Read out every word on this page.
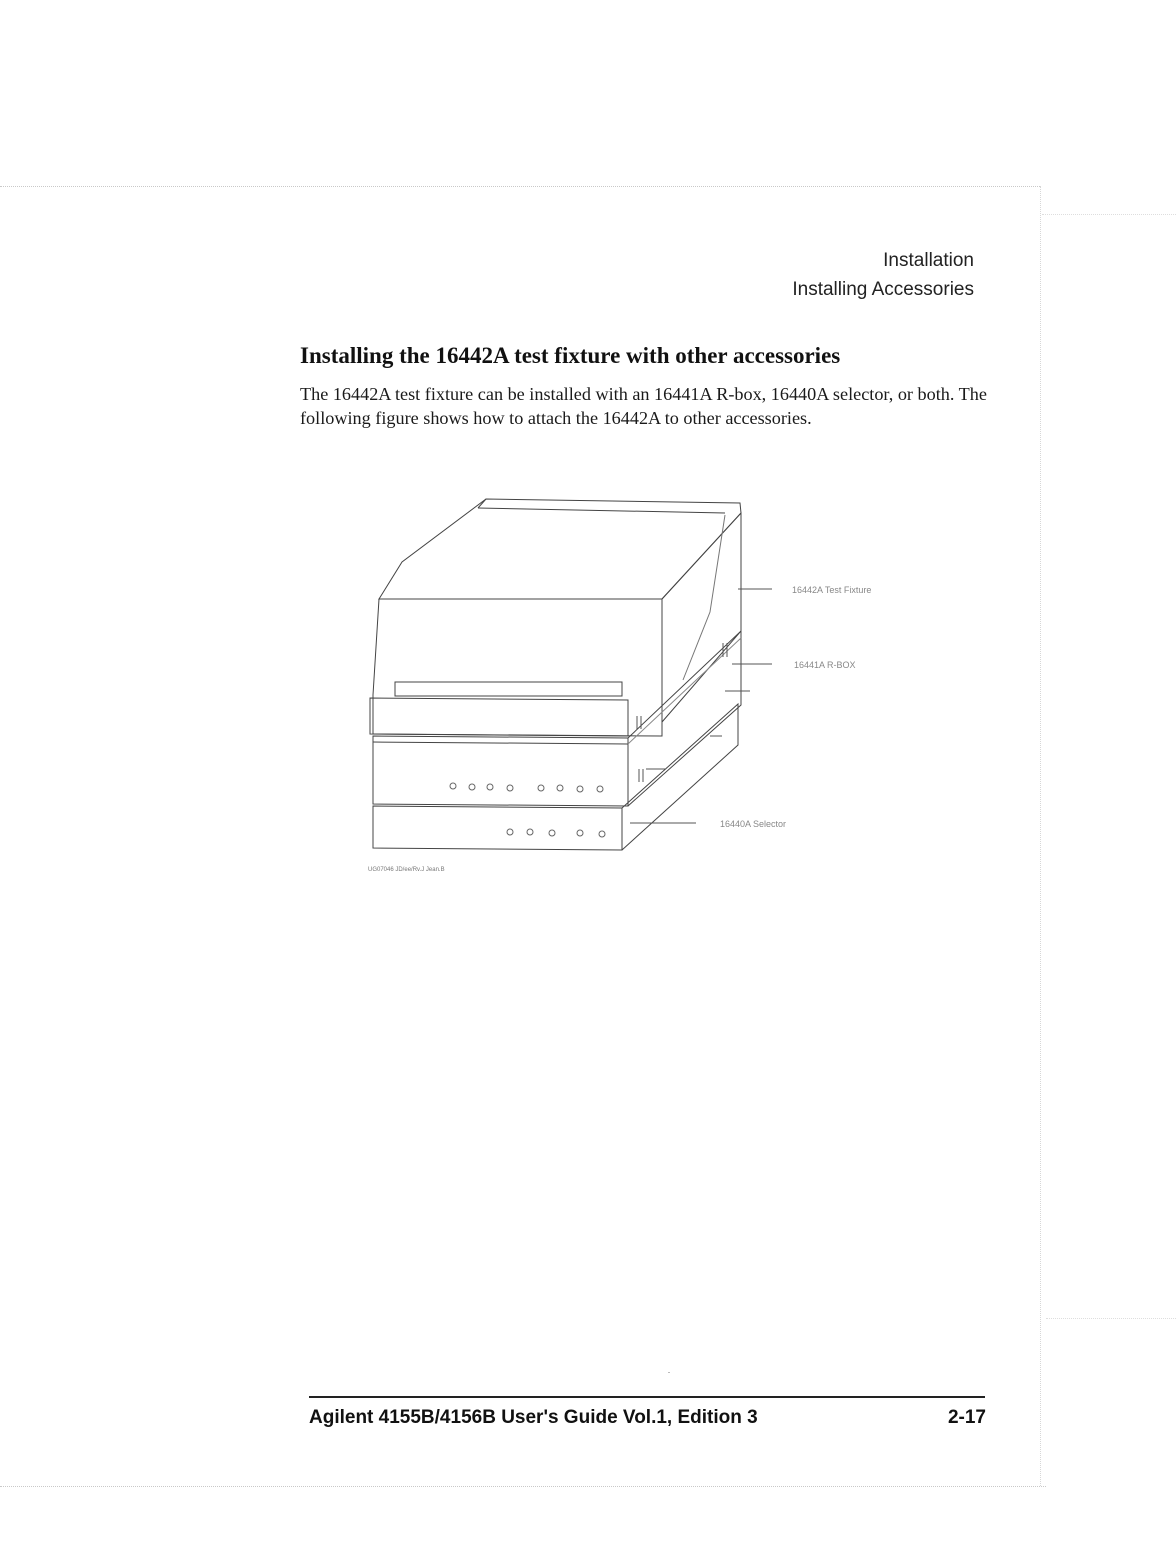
Installation
Installing Accessories
Installing the 16442A test fixture with other accessories

The 16442A test fixture can be installed with an 16441A R-box, 16440A selector, or both. The following figure shows how to attach the 16442A to other accessories.

16442A Test Fixture
16441A R-BOX
16440A Selector
UG07046 JD/ee/Rv.J Jean.B
Agilent 4155B/4156B User's Guide Vol.1, Edition 3	2-17
